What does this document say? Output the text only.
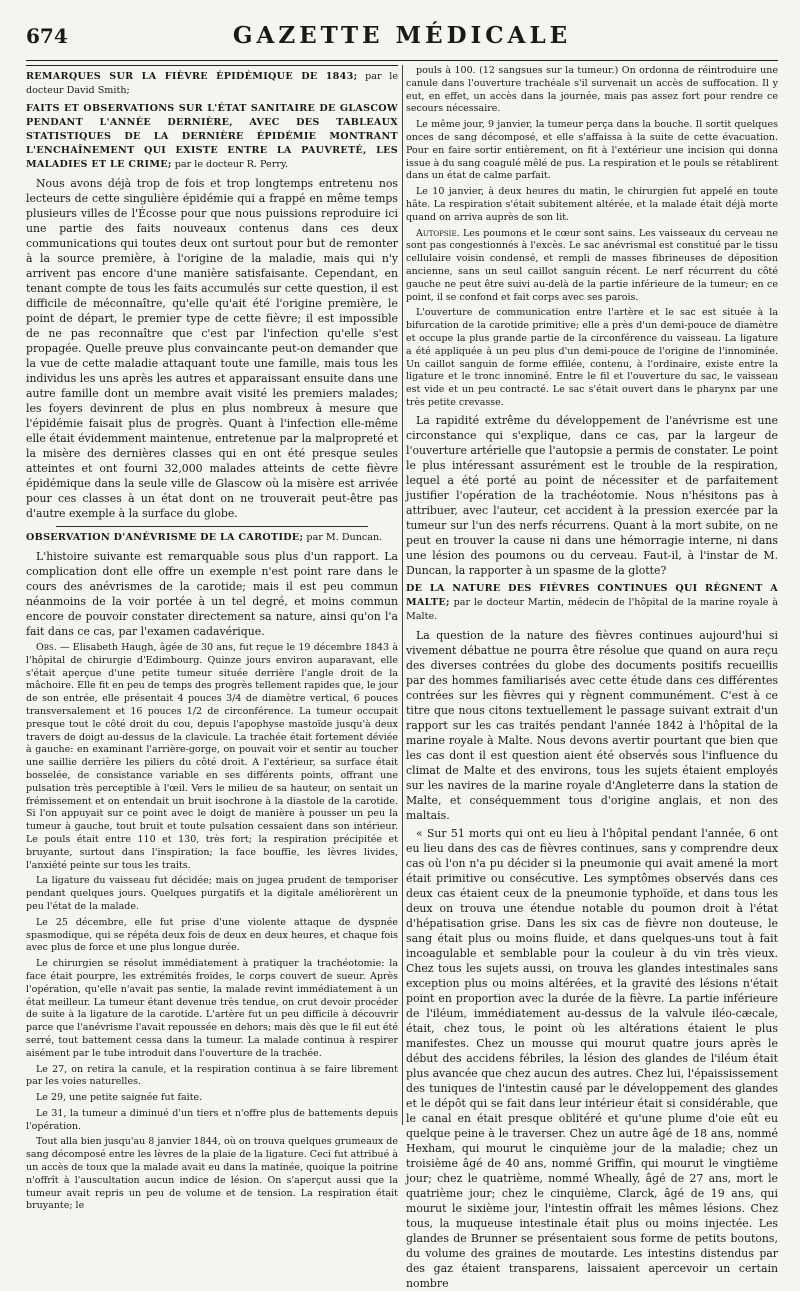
674	GAZETTE MÉDICALE

REMARQUES SUR LA FIÈVRE ÉPIDÉMIQUE DE 1843; par le docteur David Smith;

FAITS ET OBSERVATIONS SUR L'ÉTAT SANITAIRE DE GLASCOW PENDANT L'ANNÉE DERNIÈRE, AVEC DES TABLEAUX STATISTIQUES DE LA DERNIÈRE ÉPIDÉMIE MONTRANT L'ENCHAÎNEMENT QUI EXISTE ENTRE LA PAUVRETÉ, LES MALADIES ET LE CRIME; par le docteur R. Perry.

Nous avons déjà trop de fois et trop longtemps entretenu nos lecteurs de cette singulière épidémie qui a frappé en même temps plusieurs villes de l'Écosse pour que nous puissions reproduire ici une partie des faits nouveaux contenus dans ces deux communications qui toutes deux ont surtout pour but de remonter à la source première, à l'origine de la maladie, mais qui n'y arrivent pas encore d'une manière satisfaisante. Cependant, en tenant compte de tous les faits accumulés sur cette question, il est difficile de méconnaître, qu'elle qu'ait été l'origine première, le point de départ, le premier type de cette fièvre; il est impossible de ne pas reconnaître que c'est par l'infection qu'elle s'est propagée. Quelle preuve plus convaincante peut-on demander que la vue de cette maladie attaquant toute une famille, mais tous les individus les uns après les autres et apparaissant ensuite dans une autre famille dont un membre avait visité les premiers malades; les foyers devinrent de plus en plus nombreux à mesure que l'épidémie faisait plus de progrès. Quant à l'infection elle-même elle était évidemment maintenue, entretenue par la malpropreté et la misère des dernières classes qui en ont été presque seules atteintes et ont fourni 32,000 malades atteints de cette fièvre épidémique dans la seule ville de Glascow où la misère est arrivée pour ces classes à un état dont on ne trouverait peut-être pas d'autre exemple à la surface du globe.

OBSERVATION D'ANÉVRISME DE LA CAROTIDE; par M. Duncan.

L'histoire suivante est remarquable sous plus d'un rapport. La complication dont elle offre un exemple n'est point rare dans le cours des anévrismes de la carotide; mais il est peu commun néanmoins de la voir portée à un tel degré, et moins commun encore de pouvoir constater directement sa nature, ainsi qu'on l'a fait dans ce cas, par l'examen cadavérique.

Obs. — Elisabeth Haugh, âgée de 30 ans, fut reçue le 19 décembre 1843 à l'hôpital de chirurgie d'Edimbourg. Quinze jours environ auparavant, elle s'était aperçue d'une petite tumeur située derrière l'angle droit de la mâchoire. Elle fit en peu de temps des progrès tellement rapides que, le jour de son entrée, elle présentait 4 pouces 3/4 de diamètre vertical, 6 pouces transversalement et 16 pouces 1/2 de circonférence. La tumeur occupait presque tout le côté droit du cou, depuis l'apophyse mastoïde jusqu'à deux travers de doigt au-dessus de la clavicule. La trachée était fortement déviée à gauche: en examinant l'arrière-gorge, on pouvait voir et sentir au toucher une saillie derrière les piliers du côté droit. A l'extérieur, sa surface était bosselée, de consistance variable en ses différents points, offrant une pulsation très perceptible à l'œil. Vers le milieu de sa hauteur, on sentait un frémissement et on entendait un bruit isochrone à la diastole de la carotide. Si l'on appuyait sur ce point avec le doigt de manière à pousser un peu la tumeur à gauche, tout bruit et toute pulsation cessaient dans son intérieur. Le pouls était entre 110 et 130, très fort; la respiration précipitée et bruyante, surtout dans l'inspiration; la face bouffie, les lèvres livides, l'anxiété peinte sur tous les traits.

La ligature du vaisseau fut décidée; mais on jugea prudent de temporiser pendant quelques jours. Quelques purgatifs et la digitale améliorèrent un peu l'état de la malade.

Le 25 décembre, elle fut prise d'une violente attaque de dyspnée spasmodique, qui se répéta deux fois de deux en deux heures, et chaque fois avec plus de force et une plus longue durée.

Le chirurgien se résolut immédiatement à pratiquer la trachéotomie: la face était pourpre, les extrémités froides, le corps couvert de sueur. Après l'opération, qu'elle n'avait pas sentie, la malade revint immédiatement à un état meilleur. La tumeur étant devenue très tendue, on crut devoir procéder de suite à la ligature de la carotide. L'artère fut un peu difficile à découvrir parce que l'anévrisme l'avait repoussée en dehors; mais dès que le fil eut été serré, tout battement cessa dans la tumeur. La malade continua à respirer aisément par le tube introduit dans l'ouverture de la trachée.

Le 27, on retira la canule, et la respiration continua à se faire librement par les voies naturelles.

Le 29, une petite saignée fut faite.

Le 31, la tumeur a diminué d'un tiers et n'offre plus de battements depuis l'opération.

Tout alla bien jusqu'au 8 janvier 1844, où on trouva quelques grumeaux de sang décomposé entre les lèvres de la plaie de la ligature. Ceci fut attribué à un accès de toux que la malade avait eu dans la matinée, quoique la poitrine n'offrît à l'auscultation aucun indice de lésion. On s'aperçut aussi que la tumeur avait repris un peu de volume et de tension. La respiration était bruyante; le

pouls à 100. (12 sangsues sur la tumeur.) On ordonna de réintroduire une canule dans l'ouverture trachéale s'il survenait un accès de suffocation. Il y eut, en effet, un accès dans la journée, mais pas assez fort pour rendre ce secours nécessaire.

Le même jour, 9 janvier, la tumeur perça dans la bouche. Il sortit quelques onces de sang décomposé, et elle s'affaissa à la suite de cette évacuation. Pour en faire sortir entièrement, on fit à l'extérieur une incision qui donna issue à du sang coagulé mêlé de pus. La respiration et le pouls se rétablirent dans un état de calme parfait.

Le 10 janvier, à deux heures du matin, le chirurgien fut appelé en toute hâte. La respiration s'était subitement altérée, et la malade était déjà morte quand on arriva auprès de son lit.

Autopsie. Les poumons et le cœur sont sains. Les vaisseaux du cerveau ne sont pas congestionnés à l'excès. Le sac anévrismal est constitué par le tissu cellulaire voisin condensé, et rempli de masses fibrineuses de déposition ancienne, sans un seul caillot sanguin récent. Le nerf récurrent du côté gauche ne peut être suivi au-delà de la partie inférieure de la tumeur; en ce point, il se confond et fait corps avec ses parois.

L'ouverture de communication entre l'artère et le sac est située à la bifurcation de la carotide primitive; elle a près d'un demi-pouce de diamètre et occupe la plus grande partie de la circonférence du vaisseau. La ligature a été appliquée à un peu plus d'un demi-pouce de l'origine de l'innominée. Un caillot sanguin de forme effilée, contenu, à l'ordinaire, existe entre la ligature et le tronc innominé. Entre le fil et l'ouverture du sac, le vaisseau est vide et un peu contracté. Le sac s'était ouvert dans le pharynx par une très petite crevasse.

La rapidité extrême du développement de l'anévrisme est une circonstance qui s'explique, dans ce cas, par la largeur de l'ouverture artérielle que l'autopsie a permis de constater. Le point le plus intéressant assurément est le trouble de la respiration, lequel a été porté au point de nécessiter et de parfaitement justifier l'opération de la trachéotomie. Nous n'hésitons pas à attribuer, avec l'auteur, cet accident à la pression exercée par la tumeur sur l'un des nerfs récurrens. Quant à la mort subite, on ne peut en trouver la cause ni dans une hémorragie interne, ni dans une lésion des poumons ou du cerveau. Faut-il, à l'instar de M. Duncan, la rapporter à un spasme de la glotte?

DE LA NATURE DES FIÈVRES CONTINUES QUI RÈGNENT A MALTE; par le docteur Martin, médecin de l'hôpital de la marine royale à Malte.

La question de la nature des fièvres continues aujourd'hui si vivement débattue ne pourra être résolue que quand on aura reçu des diverses contrées du globe des documents positifs recueillis par des hommes familiarisés avec cette étude dans ces différentes contrées sur les fièvres qui y règnent communément. C'est à ce titre que nous citons textuellement le passage suivant extrait d'un rapport sur les cas traités pendant l'année 1842 à l'hôpital de la marine royale à Malte. Nous devons avertir pourtant que bien que les cas dont il est question aient été observés sous l'influence du climat de Malte et des environs, tous les sujets étaient employés sur les navires de la marine royale d'Angleterre dans la station de Malte, et conséquemment tous d'origine anglais, et non des maltais.

« Sur 51 morts qui ont eu lieu à l'hôpital pendant l'année, 6 ont eu lieu dans des cas de fièvres continues, sans y comprendre deux cas où l'on n'a pu décider si la pneumonie qui avait amené la mort était primitive ou consécutive. Les symptômes observés dans ces deux cas étaient ceux de la pneumonie typhoïde, et dans tous les deux on trouva une étendue notable du poumon droit à l'état d'hépatisation grise. Dans les six cas de fièvre non douteuse, le sang était plus ou moins fluide, et dans quelques-uns tout à fait incoagulable et semblable pour la couleur à du vin très vieux. Chez tous les sujets aussi, on trouva les glandes intestinales sans exception plus ou moins altérées, et la gravité des lésions n'était point en proportion avec la durée de la fièvre. La partie inférieure de l'iléum, immédiatement au-dessus de la valvule iléo-cæcale, était, chez tous, le point où les altérations étaient le plus manifestes. Chez un mousse qui mourut quatre jours après le début des accidens fébriles, la lésion des glandes de l'iléum était plus avancée que chez aucun des autres. Chez lui, l'épaississement des tuniques de l'intestin causé par le développement des glandes et le dépôt qui se fait dans leur intérieur était si considérable, que le canal en était presque oblitéré et qu'une plume d'oie eût eu quelque peine à le traverser. Chez un autre âgé de 18 ans, nommé Hexham, qui mourut le cinquième jour de la maladie; chez un troisième âgé de 40 ans, nommé Griffin, qui mourut le vingtième jour; chez le quatrième, nommé Wheally, âgé de 27 ans, mort le quatrième jour; chez le cinquième, Clarck, âgé de 19 ans, qui mourut le sixième jour, l'intestin offrait les mêmes lésions. Chez tous, la muqueuse intestinale était plus ou moins injectée. Les glandes de Brunner se présentaient sous forme de petits boutons, du volume des graines de moutarde. Les intestins distendus par des gaz étaient transparens, laissaient apercevoir un certain nombre
